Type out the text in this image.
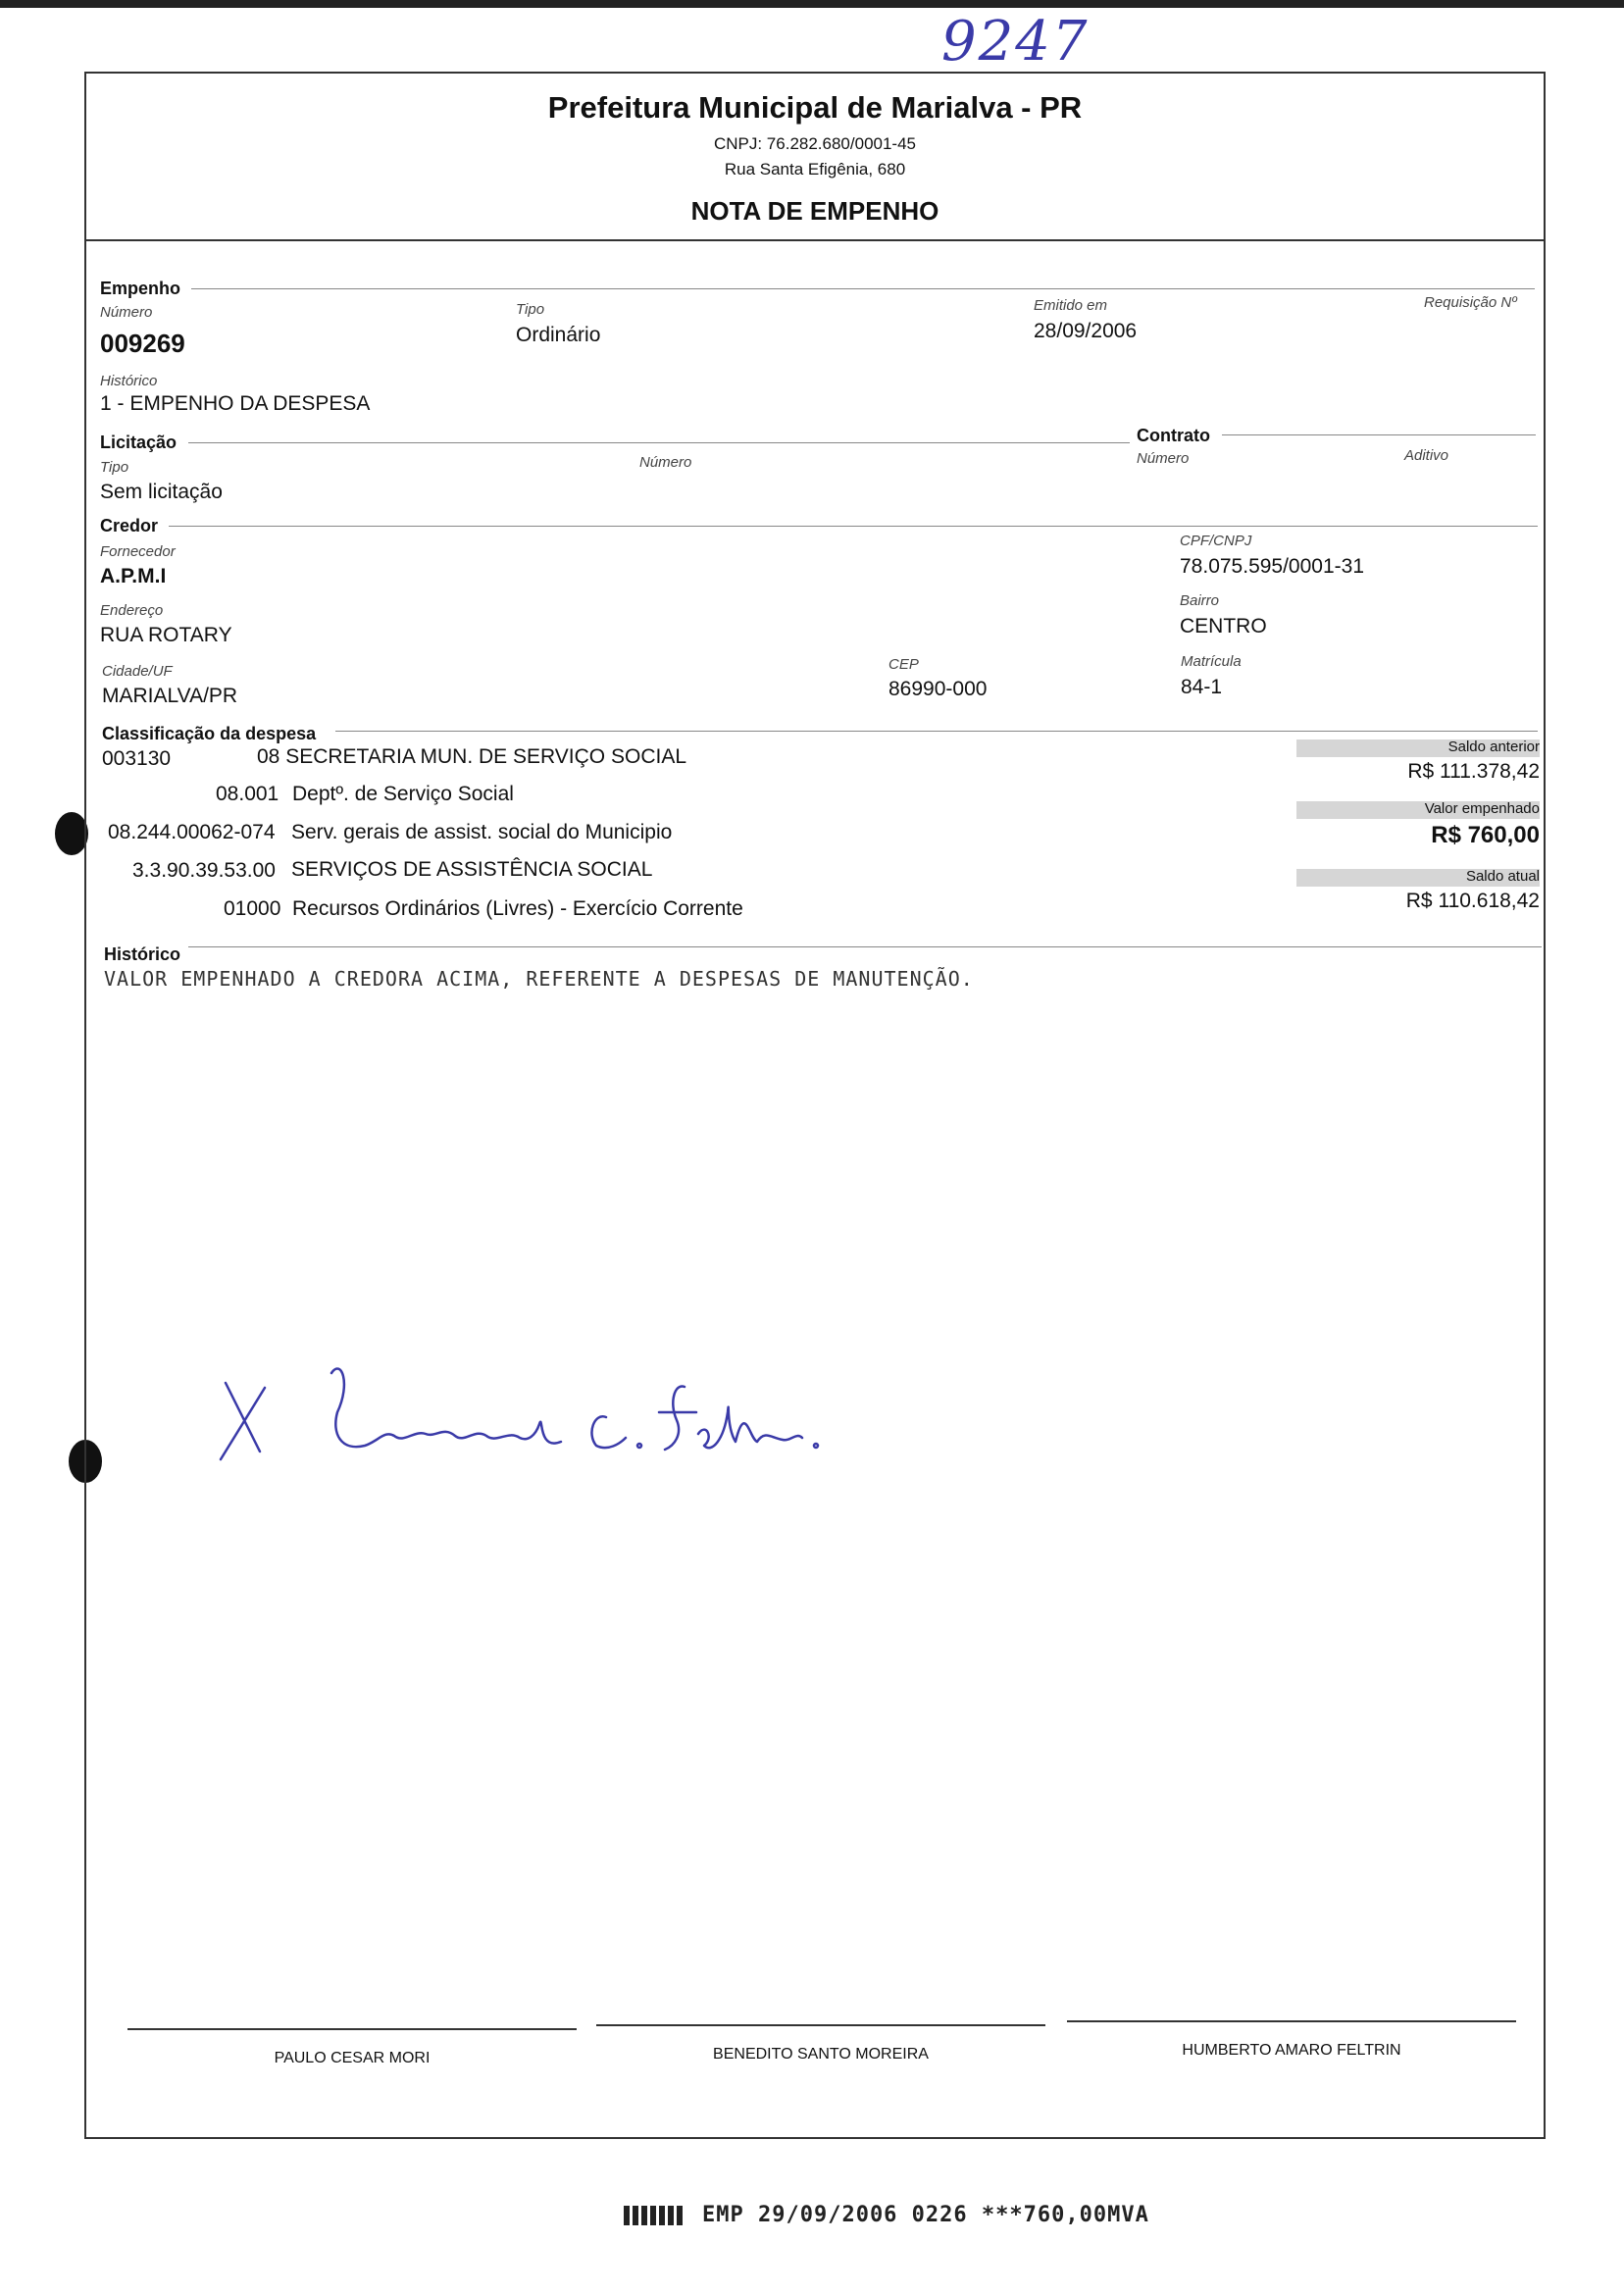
9247
Prefeitura Municipal de Marialva - PR
CNPJ: 76.282.680/0001-45
Rua Santa Efigênia, 680
NOTA DE EMPENHO
Empenho
Número
009269
Tipo
Ordinário
Emitido em
28/09/2006
Requisição Nº
Histórico
1 - EMPENHO DA DESPESA
Licitação
Tipo
Sem licitação
Número
Contrato
Número	Aditivo
Credor
Fornecedor
A.P.M.I
CPF/CNPJ
78.075.595/0001-31
Endereço
RUA ROTARY
Bairro
CENTRO
Cidade/UF
MARIALVA/PR
CEP
86990-000
Matrícula
84-1
Classificação da despesa
003130	08 SECRETARIA MUN. DE SERVIÇO SOCIAL
08.001 Deptº. de Serviço Social
08.244.00062-074 Serv. gerais de assist. social do Municipio
3.3.90.39.53.00 SERVIÇOS DE ASSISTÊNCIA SOCIAL
01000 Recursos Ordinários (Livres) - Exercício Corrente
Saldo anterior
R$ 111.378,42
Valor empenhado
R$ 760,00
Saldo atual
R$ 110.618,42
Histórico
VALOR EMPENHADO A CREDORA ACIMA, REFERENTE A DESPESAS DE MANUTENÇÃO.
PAULO CESAR MORI	BENEDITO SANTO MOREIRA	HUMBERTO AMARO FELTRIN
EMP 29/09/2006 0226 ***760,00MVA
